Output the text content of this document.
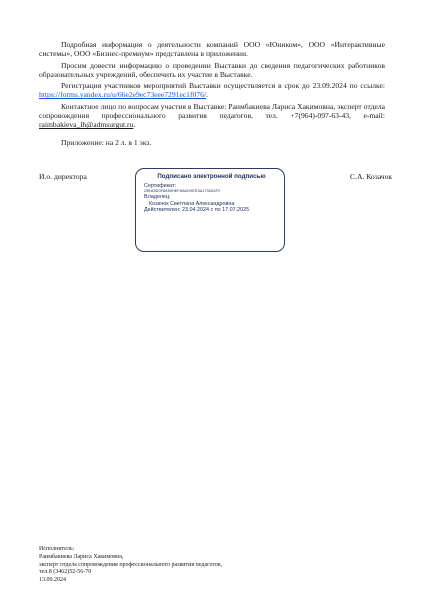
Подробная информация о деятельности компаний ООО «Юником», ООО «Интерактивные системы», ООО «Бизнес-премиум» представлена в приложении.

Просим довести информацию о проведении Выставки до сведения педагогических работников образовательных учреждений, обеспечить их участие в Выставке.

Регистрация участников мероприятий Выставки осуществляется в срок до 23.09.2024 по ссылке: https://forms.yandex.ru/u/66e2e9ec73eee7291ec1f076/.

Контактное лицо по вопросам участия в Выставке: Раимбакиева Лариса Хакимовна, эксперт отдела сопровождения профессионального развития педагогов, тел. +7(964)-097-63-43, e-mail: raimbakieva_lh@admsurgut.ru.

Приложение: на 2 л. в 1 экз.
И.о. директора	С.А. Козачок
Подписано электронной подписью
Сертификат:
29EA5D0F8A50HEF8A8CHEE3A1732A3F2
Владелец:
Козачок Светлана Александровна
Действителен: 23.04.2024 с по 17.07.2025
Исполнитель:
Раимбакиева Лариса Хакимовна,
эксперт отдела сопровождения профессионального развития педагогов,
тел.8 (3462)52-56-70
13.09.2024
